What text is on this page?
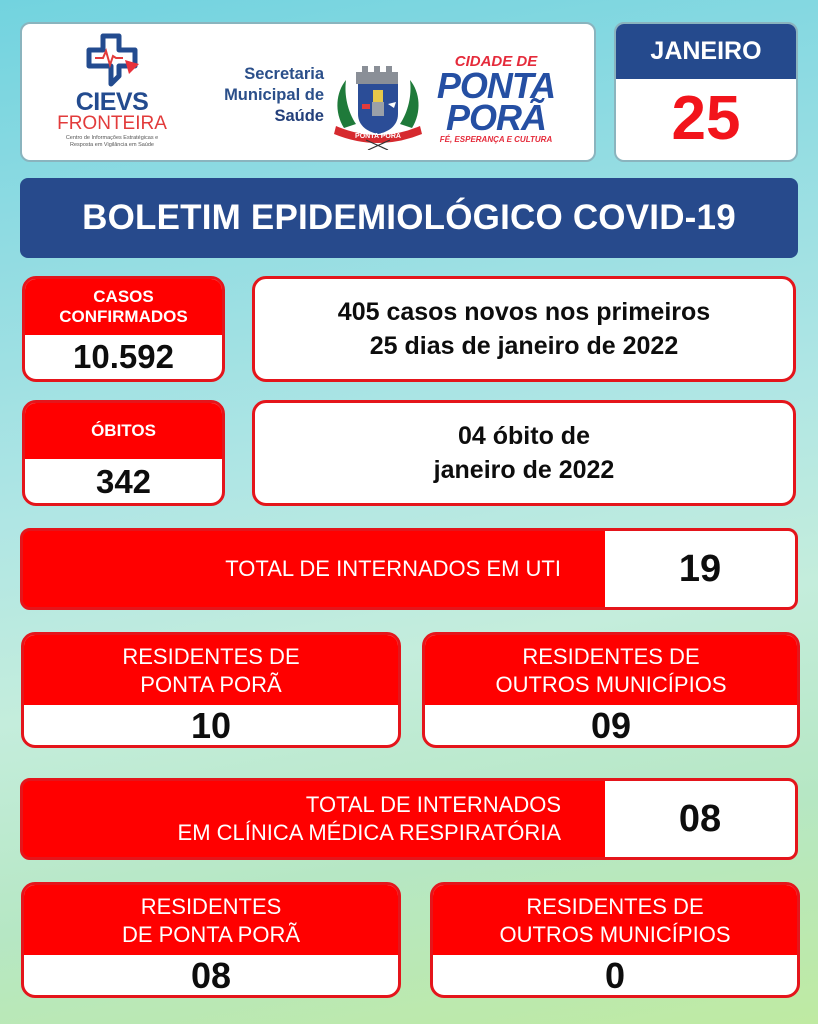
CIEVS
FRONTEIRA
Centro de Informações Estratégicas e
Resposta em Vigilância em Saúde
Secretaria
Municipal de
Saúde
PONTA PORÃ
CIDADE DE
PONTA
PORÃ
FÉ, ESPERANÇA E CULTURA
JANEIRO
25
BOLETIM EPIDEMIOLÓGICO COVID-19
CASOS
CONFIRMADOS
10.592
405 casos novos nos primeiros
25 dias de janeiro de 2022
ÓBITOS
342
04 óbito de
janeiro de 2022
TOTAL DE INTERNADOS EM UTI	19
RESIDENTES DE
PONTA PORÃ
10
RESIDENTES DE
OUTROS MUNICÍPIOS
09
TOTAL DE INTERNADOS
EM CLÍNICA MÉDICA RESPIRATÓRIA	08
RESIDENTES
DE PONTA PORÃ
08
RESIDENTES DE
OUTROS MUNICÍPIOS
0
